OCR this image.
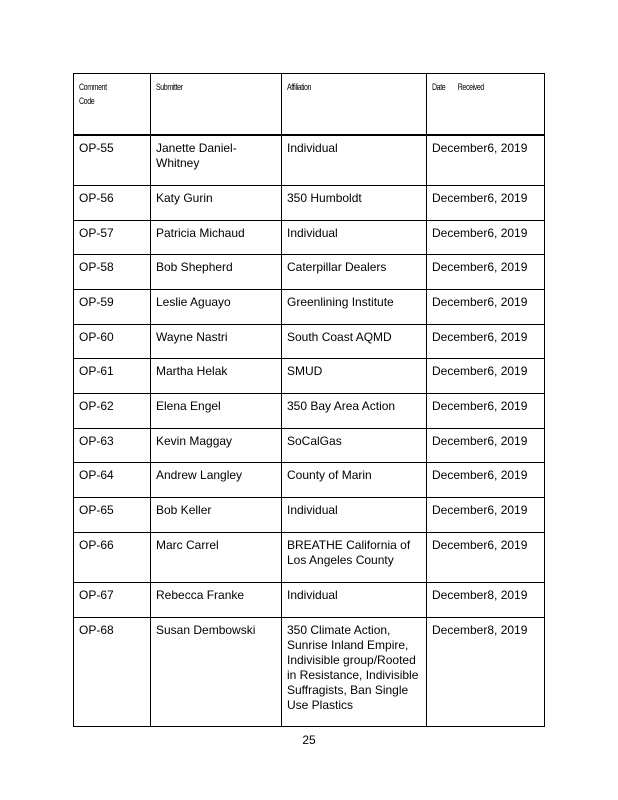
Comment
Code	Submitter	Affiliation	Date        Received
OP-55	Janette Daniel-Whitney	Individual	December6, 2019
OP-56	Katy Gurin	350 Humboldt	December6, 2019
OP-57	Patricia Michaud	Individual	December6, 2019
OP-58	Bob Shepherd	Caterpillar Dealers	December6, 2019
OP-59	Leslie Aguayo	Greenlining Institute	December6, 2019
OP-60	Wayne Nastri	South Coast AQMD	December6, 2019
OP-61	Martha Helak	SMUD	December6, 2019
OP-62	Elena Engel	350 Bay Area Action	December6, 2019
OP-63	Kevin Maggay	SoCalGas	December6, 2019
OP-64	Andrew Langley	County of Marin	December6, 2019
OP-65	Bob Keller	Individual	December6, 2019
OP-66	Marc Carrel	BREATHE California of Los Angeles County	December6, 2019
OP-67	Rebecca Franke	Individual	December8, 2019
OP-68	Susan Dembowski	350 Climate Action, Sunrise Inland Empire, Indivisible group/Rooted in Resistance, Indivisible Suffragists, Ban Single Use Plastics	December8, 2019
25
